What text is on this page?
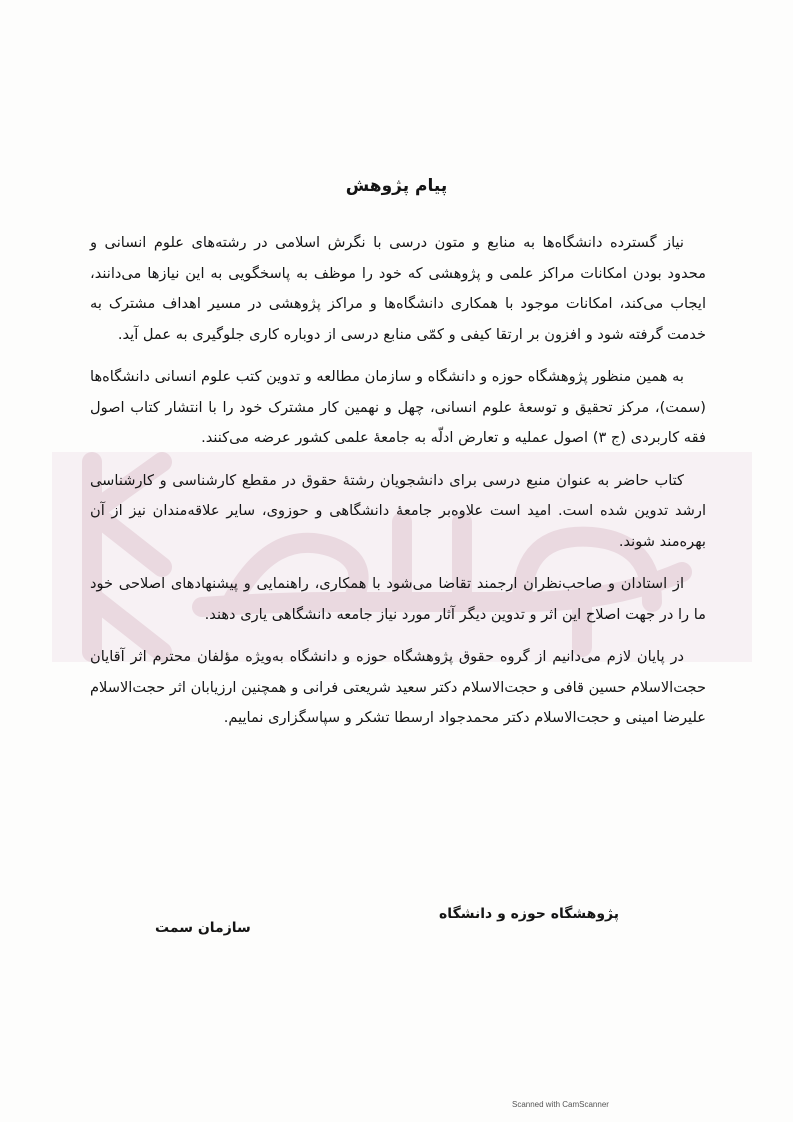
پیام پژوهش

نیاز گسترده دانشگاه‌ها به منابع و متون درسی با نگرش اسلامی در رشته‌های علوم انسانی و محدود بودن امکانات مراکز علمی و پژوهشی که خود را موظف به پاسخگویی به این نیازها می‌دانند، ایجاب می‌کند، امکانات موجود با همکاری دانشگاه‌ها و مراکز پژوهشی در مسیر اهداف مشترک به خدمت گرفته شود و افزون بر ارتقا کیفی و کمّی منابع درسی از دوباره کاری جلوگیری به عمل آید.

به همین منظور پژوهشگاه حوزه و دانشگاه و سازمان مطالعه و تدوین کتب علوم انسانی دانشگاه‌ها (سمت)، مرکز تحقیق و توسعهٔ علوم انسانی، چهل و نهمین کار مشترک خود را با انتشار کتاب اصول فقه کاربردی (ج ۳) اصول عملیه و تعارض ادلّه به جامعهٔ علمی کشور عرضه می‌کنند.

کتاب حاضر به عنوان منبع درسی برای دانشجویان رشتهٔ حقوق در مقطع کارشناسی و کارشناسی ارشد تدوین شده است. امید است علاوه‌بر جامعهٔ دانشگاهی و حوزوی، سایر علاقه‌مندان نیز از آن بهره‌مند شوند.

از استادان و صاحب‌نظران ارجمند تقاضا می‌شود با همکاری، راهنمایی و پیشنهادهای اصلاحی خود ما را در جهت اصلاح این اثر و تدوین دیگر آثار مورد نیاز جامعه دانشگاهی یاری دهند.

در پایان لازم می‌دانیم از گروه حقوق پژوهشگاه حوزه و دانشگاه به‌ویژه مؤلفان محترم اثر آقایان حجت‌الاسلام حسین قافی و حجت‌الاسلام دکتر سعید شریعتی فرانی و همچنین ارزیابان اثر حجت‌الاسلام علیرضا امینی و حجت‌الاسلام دکتر محمدجواد ارسطا تشکر و سپاسگزاری نماییم.

پژوهشگاه حوزه و دانشگاه
سازمان سمت
Scanned with CamScanner
